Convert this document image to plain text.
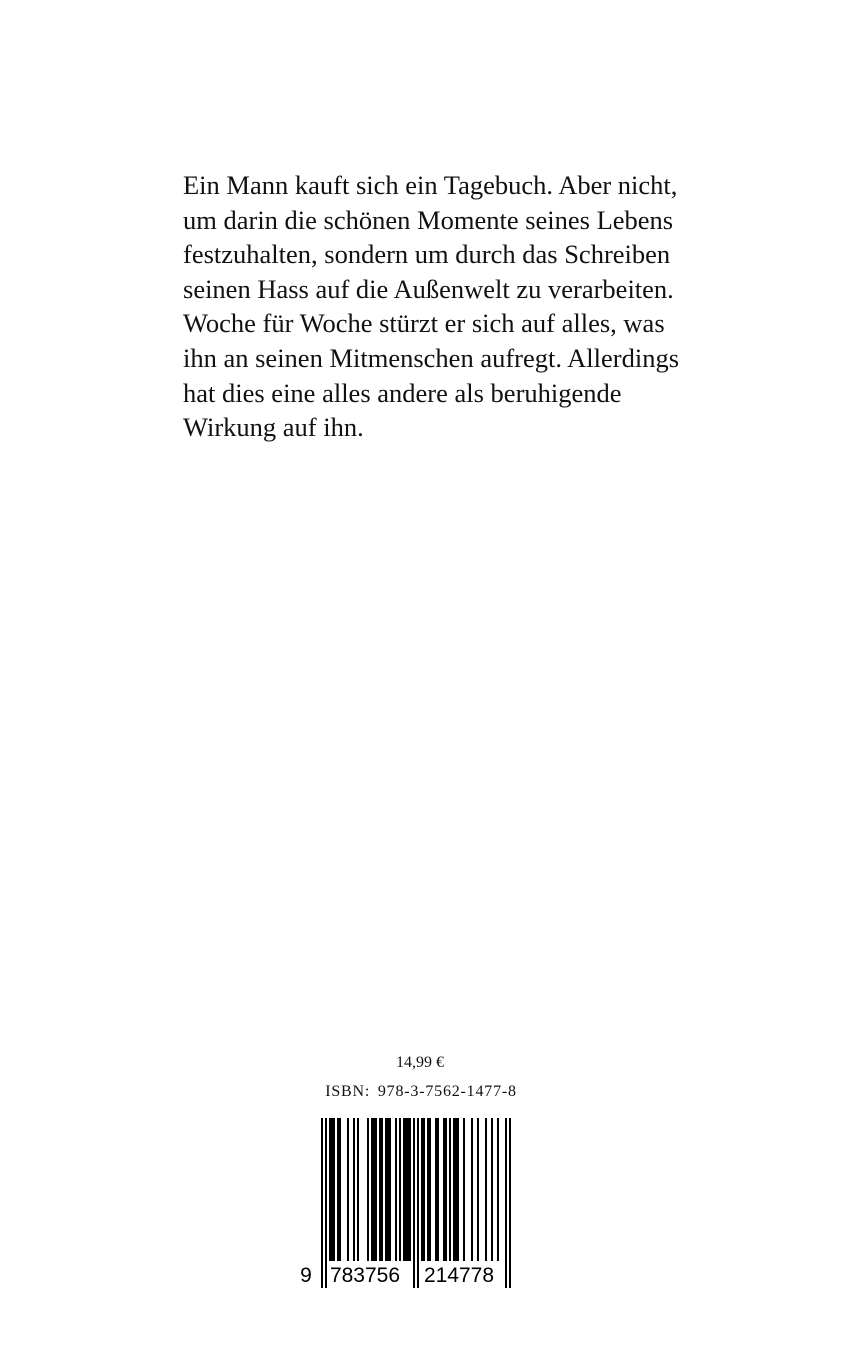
Ein Mann kauft sich ein Tagebuch. Aber nicht,
um darin die schönen Momente seines Lebens
festzuhalten, sondern um durch das Schreiben
seinen Hass auf die Außenwelt zu verarbeiten.
Woche für Woche stürzt er sich auf alles, was
ihn an seinen Mitmenschen aufregt. Allerdings
hat dies eine alles andere als beruhigende
Wirkung auf ihn.
14,99 €
ISBN: 978-3-7562-1477-8
9 783756 214778
